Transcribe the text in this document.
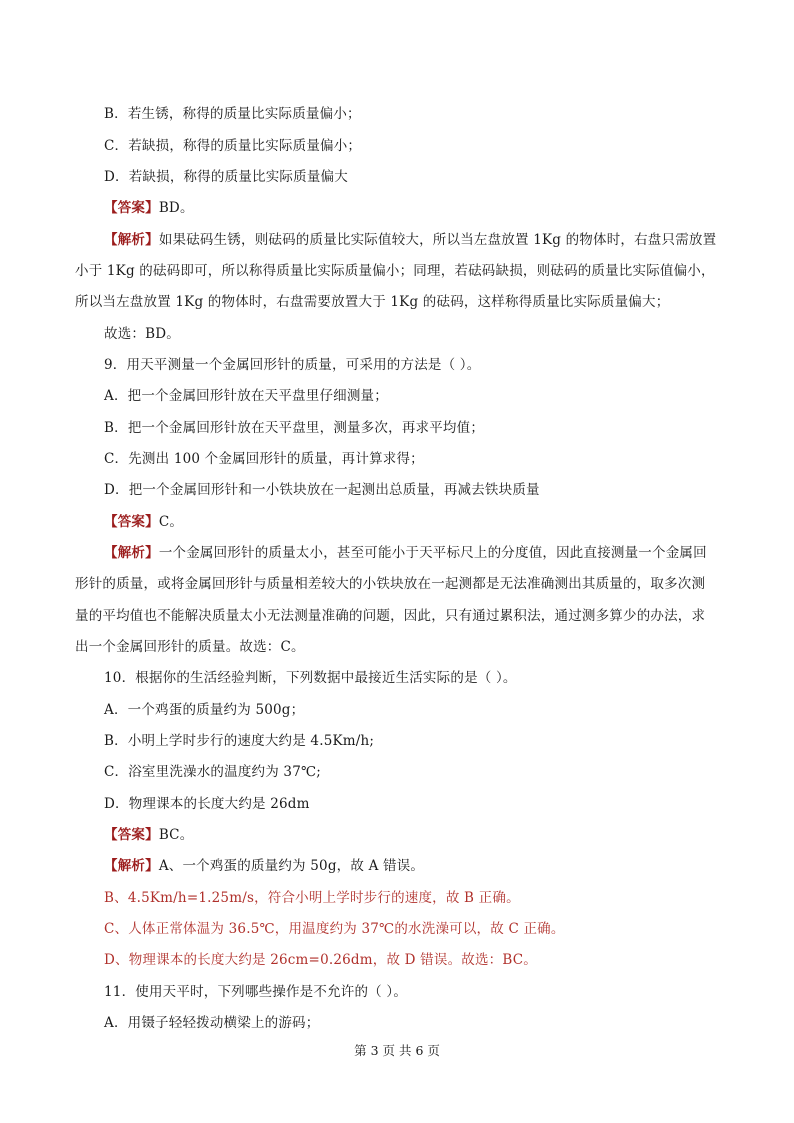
B．若生锈，称得的质量比实际质量偏小；
C．若缺损，称得的质量比实际质量偏小；
D．若缺损，称得的质量比实际质量偏大
【答案】BD。
【解析】如果砝码生锈，则砝码的质量比实际值较大，所以当左盘放置 1Kg 的物体时，右盘只需放置
小于 1Kg 的砝码即可，所以称得质量比实际质量偏小；同理，若砝码缺损，则砝码的质量比实际值偏小，
所以当左盘放置 1Kg 的物体时，右盘需要放置大于 1Kg 的砝码，这样称得质量比实际质量偏大；
故选：BD。
9．用天平测量一个金属回形针的质量，可采用的方法是（ ）。
A．把一个金属回形针放在天平盘里仔细测量；
B．把一个金属回形针放在天平盘里，测量多次，再求平均值；
C．先测出 100 个金属回形针的质量，再计算求得；
D．把一个金属回形针和一小铁块放在一起测出总质量，再减去铁块质量
【答案】C。
【解析】一个金属回形针的质量太小，甚至可能小于天平标尺上的分度值，因此直接测量一个金属回
形针的质量，或将金属回形针与质量相差较大的小铁块放在一起测都是无法准确测出其质量的，取多次测
量的平均值也不能解决质量太小无法测量准确的问题，因此，只有通过累积法，通过测多算少的办法，求
出一个金属回形针的质量。故选：C。
10．根据你的生活经验判断，下列数据中最接近生活实际的是（ ）。
A．一个鸡蛋的质量约为 500g；
B．小明上学时步行的速度大约是 4.5Km/h;
C．浴室里洗澡水的温度约为 37℃;
D．物理课本的长度大约是 26dm
【答案】BC。
【解析】A、一个鸡蛋的质量约为 50g，故 A 错误。
B、4.5Km/h=1.25m/s，符合小明上学时步行的速度，故 B 正确。
C、人体正常体温为 36.5℃，用温度约为 37℃的水洗澡可以，故 C 正确。
D、物理课本的长度大约是 26cm=0.26dm，故 D 错误。故选：BC。
11．使用天平时，下列哪些操作是不允许的（ ）。
A．用镊子轻轻拨动横梁上的游码；
第 3 页 共 6 页
